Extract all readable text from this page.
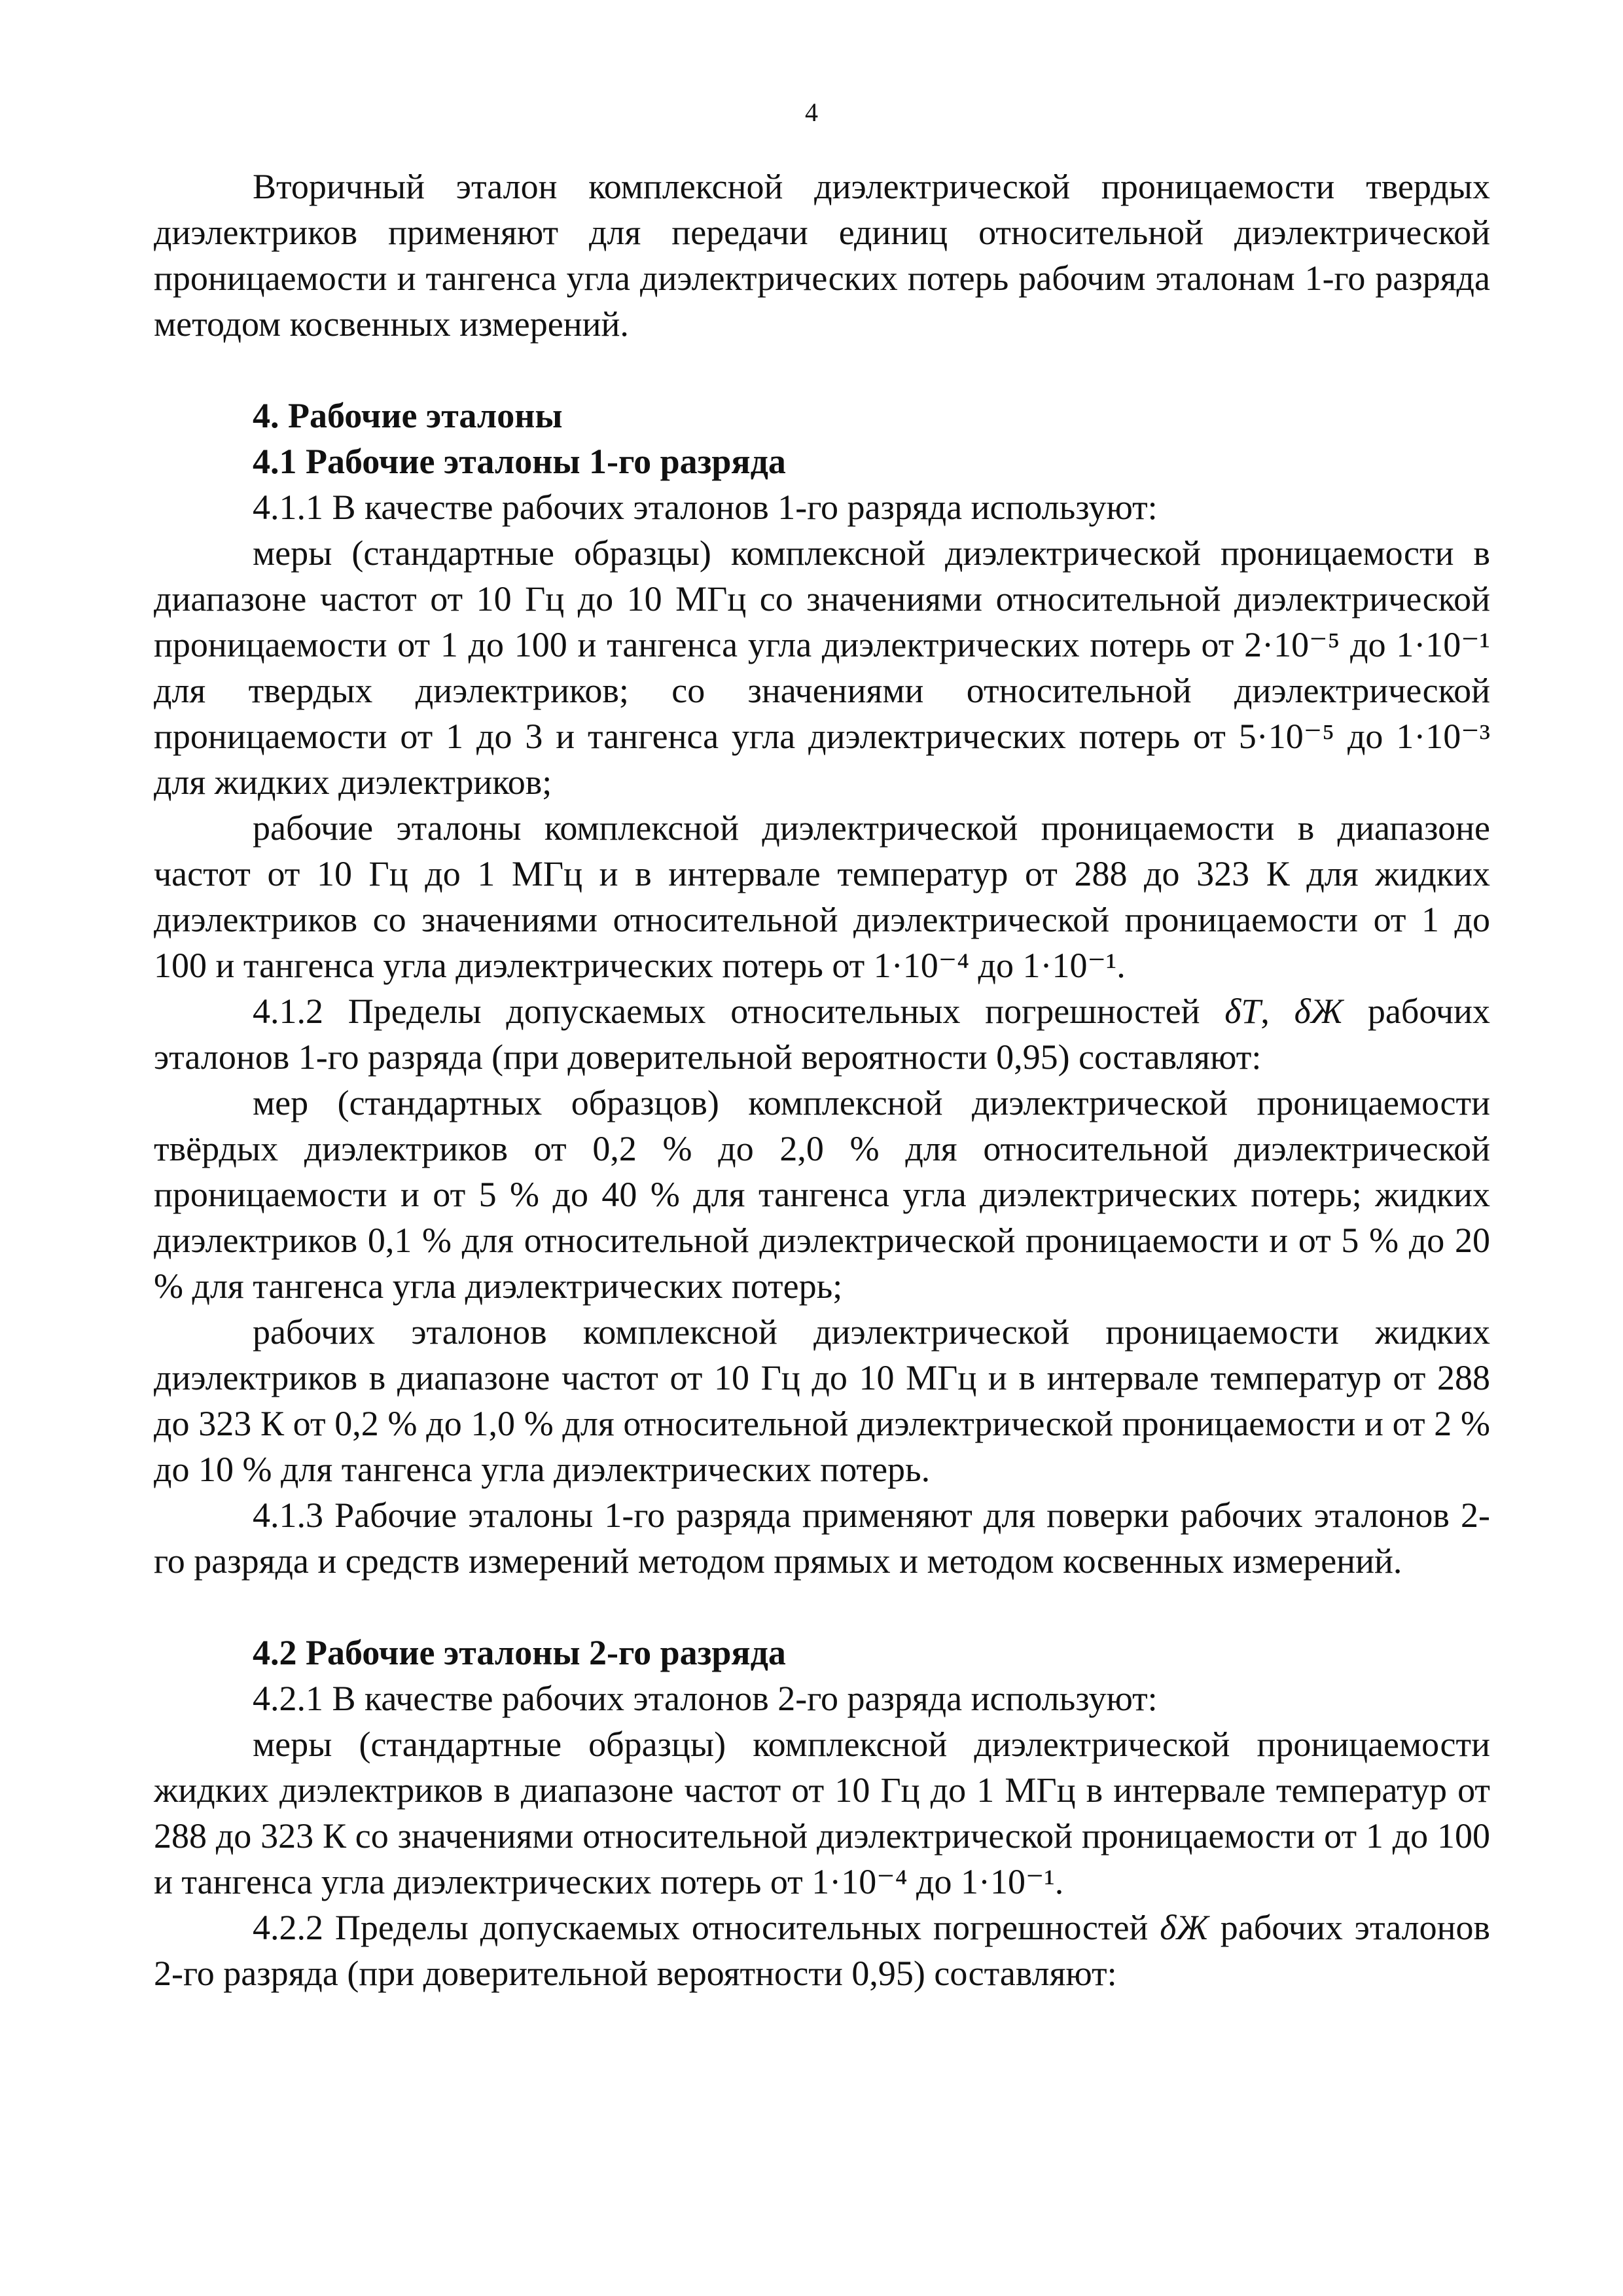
4

Вторичный эталон комплексной диэлектрической проницаемости твердых диэлектриков применяют для передачи единиц относительной диэлектрической проницаемости и тангенса угла диэлектрических потерь рабочим эталонам 1-го разряда методом косвенных измерений.

4. Рабочие эталоны

4.1 Рабочие эталоны 1-го разряда

4.1.1 В качестве рабочих эталонов 1-го разряда используют:

меры (стандартные образцы) комплексной диэлектрической проницаемости в диапазоне частот от 10 Гц до 10 МГц со значениями относительной диэлектрической проницаемости от 1 до 100 и тангенса угла диэлектрических потерь от 2·10⁻⁵ до 1·10⁻¹ для твердых диэлектриков; со значениями относительной диэлектрической проницаемости от 1 до 3 и тангенса угла диэлектрических потерь от 5·10⁻⁵ до 1·10⁻³ для жидких диэлектриков;

рабочие эталоны комплексной диэлектрической проницаемости в диапазоне частот от 10 Гц до 1 МГц и в интервале температур от 288 до 323 К для жидких диэлектриков со значениями относительной диэлектрической проницаемости от 1 до 100 и тангенса угла диэлектрических потерь от 1·10⁻⁴ до 1·10⁻¹.

4.1.2 Пределы допускаемых относительных погрешностей δT, δЖ рабочих эталонов 1-го разряда (при доверительной вероятности 0,95) составляют:

мер (стандартных образцов) комплексной диэлектрической проницаемости твёрдых диэлектриков от 0,2 % до 2,0 % для относительной диэлектрической проницаемости и от 5 % до 40 % для тангенса угла диэлектрических потерь; жидких диэлектриков 0,1 % для относительной диэлектрической проницаемости и от 5 % до 20 % для тангенса угла диэлектрических потерь;

рабочих эталонов комплексной диэлектрической проницаемости жидких диэлектриков в диапазоне частот от 10 Гц до 10 МГц и в интервале температур от 288 до 323 К от 0,2 % до 1,0 % для относительной диэлектрической проницаемости и от 2 % до 10 % для тангенса угла диэлектрических потерь.

4.1.3 Рабочие эталоны 1-го разряда применяют для поверки рабочих эталонов 2-го разряда и средств измерений методом прямых и методом косвенных измерений.

4.2 Рабочие эталоны 2-го разряда

4.2.1 В качестве рабочих эталонов 2-го разряда используют:

меры (стандартные образцы) комплексной диэлектрической проницаемости жидких диэлектриков в диапазоне частот от 10 Гц до 1 МГц в интервале температур от 288 до 323 К со значениями относительной диэлектрической проницаемости от 1 до 100 и тангенса угла диэлектрических потерь от 1·10⁻⁴ до 1·10⁻¹.

4.2.2 Пределы допускаемых относительных погрешностей δЖ рабочих эталонов 2-го разряда (при доверительной вероятности 0,95) составляют:
